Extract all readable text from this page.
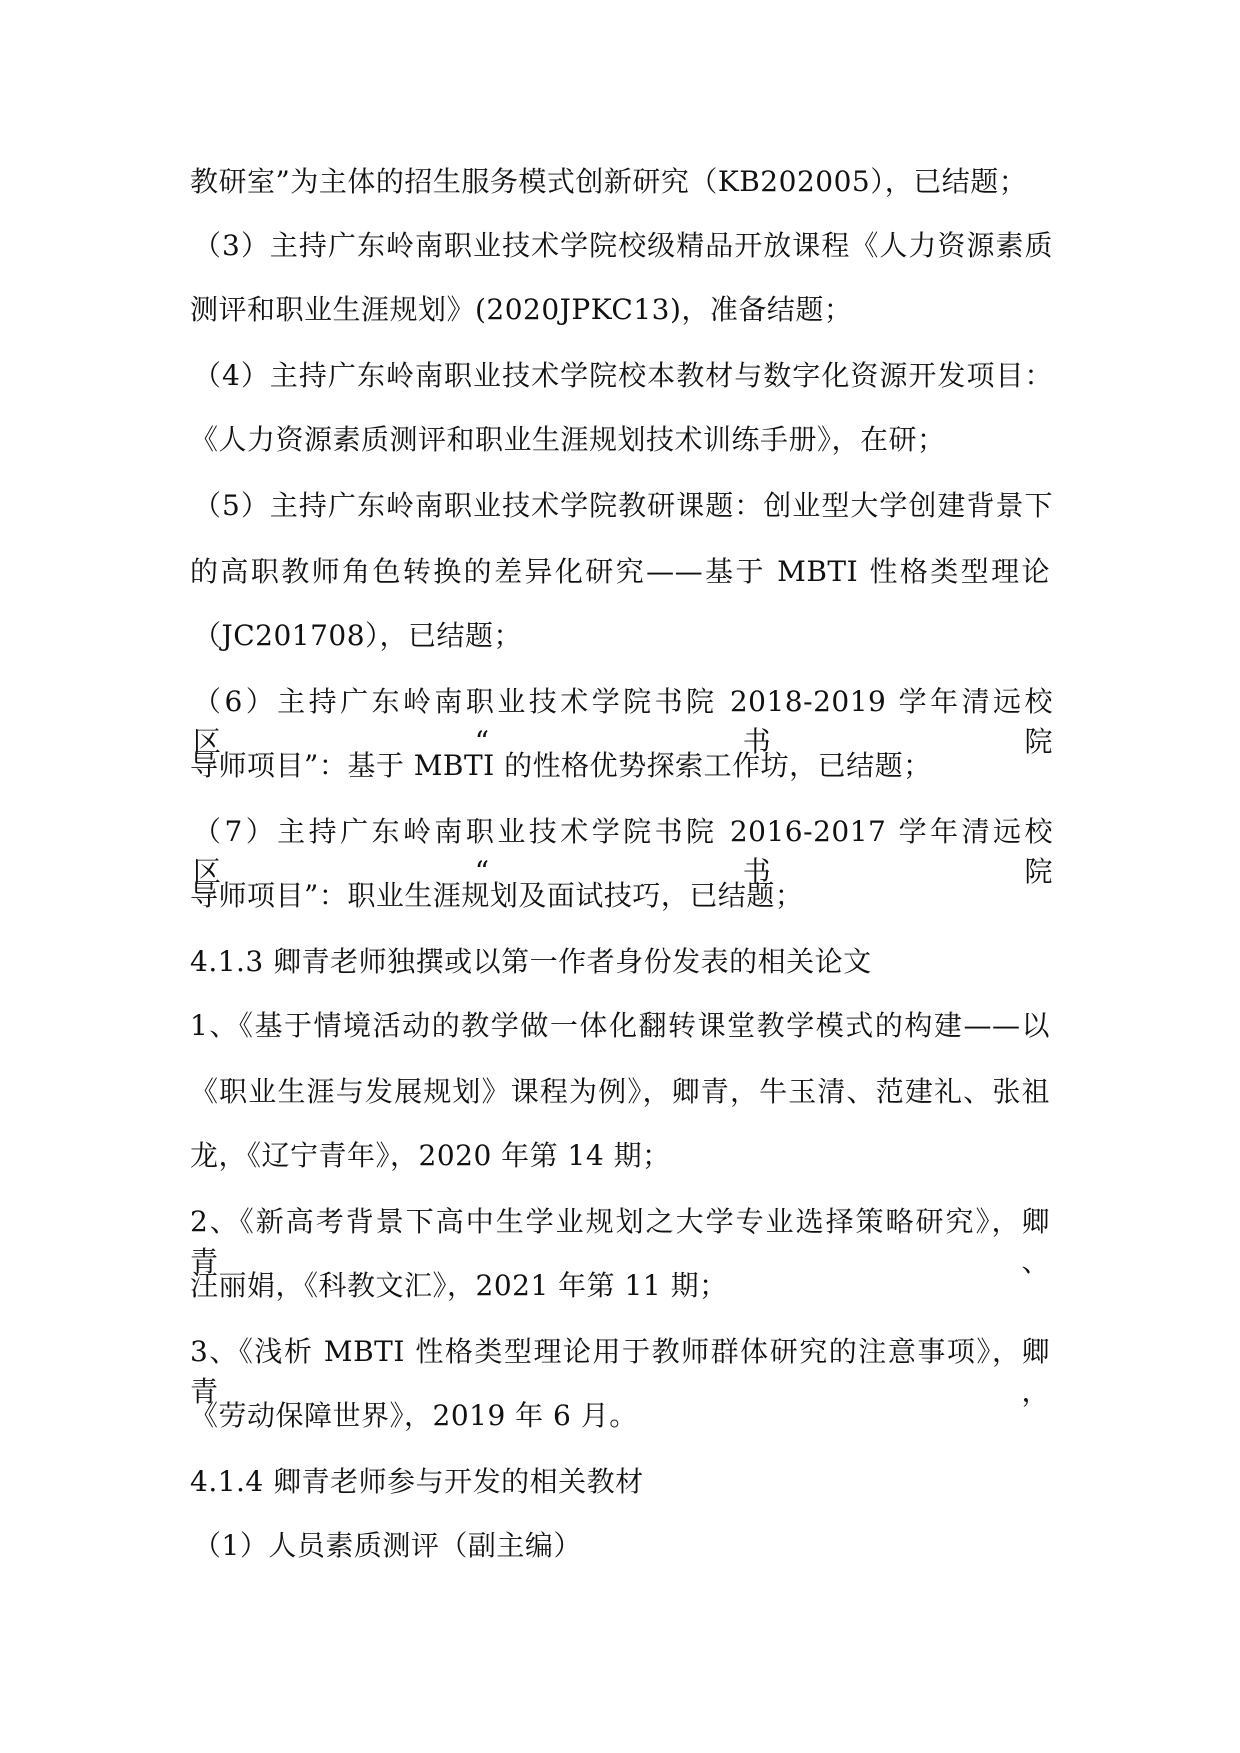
教研室”为主体的招生服务模式创新研究（KB202005），已结题；
（3）主持广东岭南职业技术学院校级精品开放课程《人力资源素质
测评和职业生涯规划》(2020JPKC13)，准备结题；
（4）主持广东岭南职业技术学院校本教材与数字化资源开发项目：
《人力资源素质测评和职业生涯规划技术训练手册》，在研；
（5）主持广东岭南职业技术学院教研课题：创业型大学创建背景下
的高职教师角色转换的差异化研究——基于 MBTI 性格类型理论
（JC201708），已结题；
（6）主持广东岭南职业技术学院书院 2018-2019 学年清远校区“书院
导师项目”：基于 MBTI 的性格优势探索工作坊，已结题；
（7）主持广东岭南职业技术学院书院 2016-2017 学年清远校区“书院
导师项目”：职业生涯规划及面试技巧，已结题；
4.1.3 卿青老师独撰或以第一作者身份发表的相关论文
1、《基于情境活动的教学做一体化翻转课堂教学模式的构建——以
《职业生涯与发展规划》课程为例》，卿青，牛玉清、范建礼、张祖
龙，《辽宁青年》，2020 年第 14 期；
2、《新高考背景下高中生学业规划之大学专业选择策略研究》，卿青、
汪丽娟，《科教文汇》，2021 年第 11 期；
3、《浅析 MBTI 性格类型理论用于教师群体研究的注意事项》，卿青，
《劳动保障世界》，2019 年 6 月。
4.1.4 卿青老师参与开发的相关教材
（1）人员素质测评（副主编）
